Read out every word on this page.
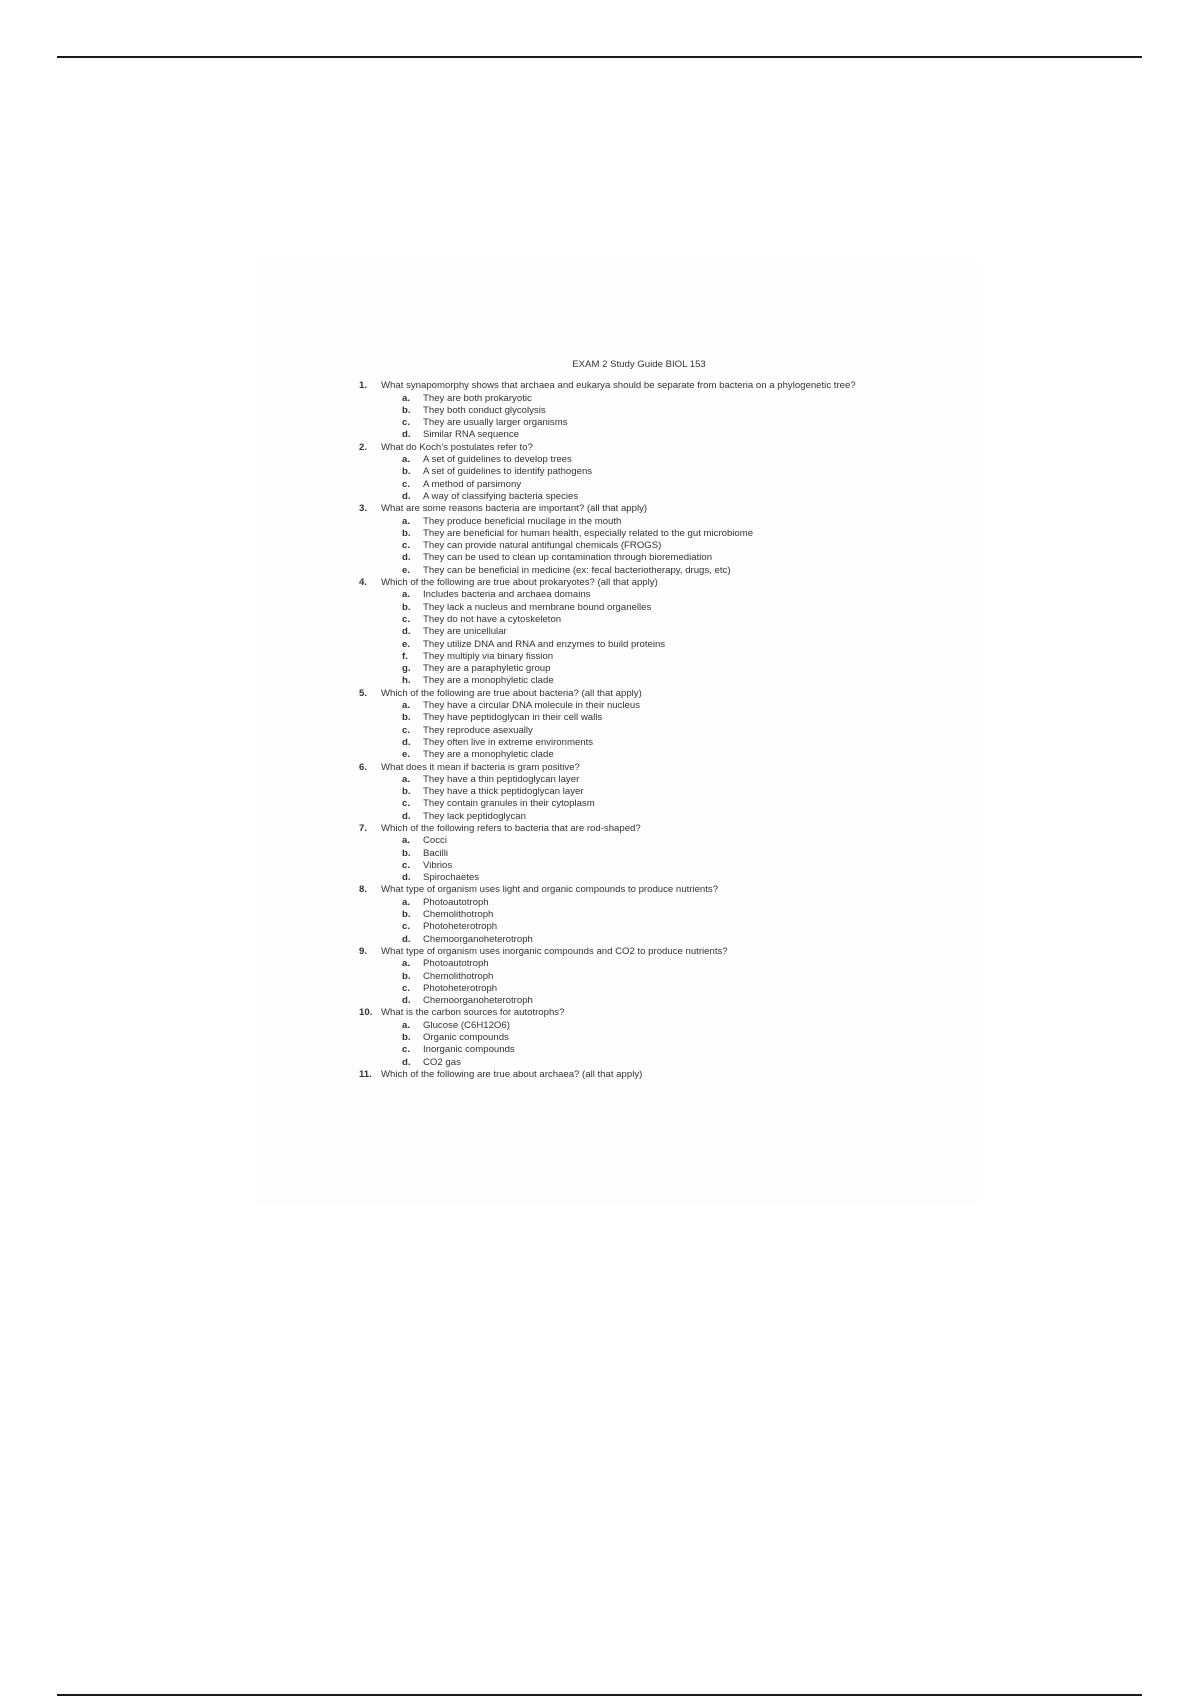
EXAM 2 Study Guide BIOL 153
1.	What synapomorphy shows that archaea and eukarya should be separate from bacteria on a phylogenetic tree?
a.	They are both prokaryotic
b.	They both conduct glycolysis
c.	They are usually larger organisms
d.	Similar RNA sequence
2.	What do Koch’s postulates refer to?
a.	A set of guidelines to develop trees
b.	A set of guidelines to identify pathogens
c.	A method of parsimony
d.	A way of classifying bacteria species
3.	What are some reasons bacteria are important? (all that apply)
a.	They produce beneficial mucilage in the mouth
b.	They are beneficial for human health, especially related to the gut microbiome
c.	They can provide natural antifungal chemicals (FROGS)
d.	They can be used to clean up contamination through bioremediation
e.	They can be beneficial in medicine (ex: fecal bacteriotherapy, drugs, etc)
4.	Which of the following are true about prokaryotes? (all that apply)
a.	Includes bacteria and archaea domains
b.	They lack a nucleus and membrane bound organelles
c.	They do not have a cytoskeleton
d.	They are unicellular
e.	They utilize DNA and RNA and enzymes to build proteins
f.	They multiply via binary fission
g.	They are a paraphyletic group
h.	They are a monophyletic clade
5.	Which of the following are true about bacteria? (all that apply)
a.	They have a circular DNA molecule in their nucleus
b.	They have peptidoglycan in their cell walls
c.	They reproduce asexually
d.	They often live in extreme environments
e.	They are a monophyletic clade
6.	What does it mean if bacteria is gram positive?
a.	They have a thin peptidoglycan layer
b.	They have a thick peptidoglycan layer
c.	They contain granules in their cytoplasm
d.	They lack peptidoglycan
7.	Which of the following refers to bacteria that are rod-shaped?
a.	Cocci
b.	Bacilli
c.	Vibrios
d.	Spirochaetes
8.	What type of organism uses light and organic compounds to produce nutrients?
a.	Photoautotroph
b.	Chemolithotroph
c.	Photoheterotroph
d.	Chemoorganoheterotroph
9.	What type of organism uses inorganic compounds and CO2 to produce nutrients?
a.	Photoautotroph
b.	Chemolithotroph
c.	Photoheterotroph
d.	Chemoorganoheterotroph
10. What is the carbon sources for autotrophs?
a.	Glucose (C6H12O6)
b.	Organic compounds
c.	Inorganic compounds
d.	CO2 gas
11. Which of the following are true about archaea? (all that apply)
